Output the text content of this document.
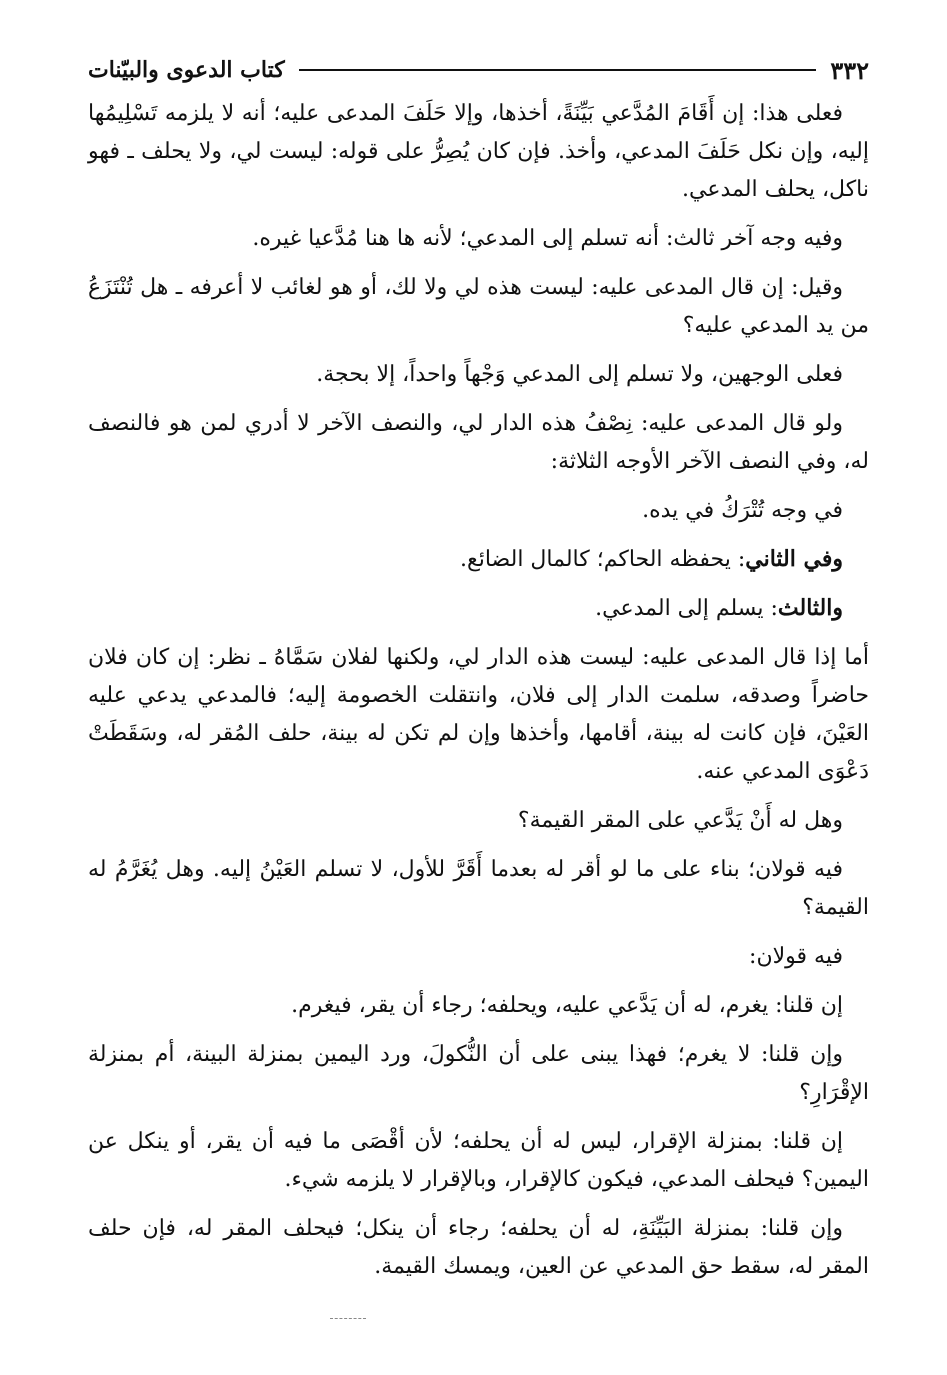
٣٣٢
كتاب الدعوى والبيّنات

فعلى هذا: إن أَقَامَ المُدَّعي بَيِّنَةً، أخذها، وإلا حَلَفَ المدعى عليه؛ أنه لا يلزمه تَسْلِيمُها إليه، وإن نكل حَلَفَ المدعي، وأخذ. فإن كان يُصِرُّ على قوله: ليست لي، ولا يحلف ـ فهو ناكل، يحلف المدعي.

وفيه وجه آخر ثالث: أنه تسلم إلى المدعي؛ لأنه ها هنا مُدَّعيا غيره.

وقيل: إن قال المدعى عليه: ليست هذه لي ولا لك، أو هو لغائب لا أعرفه ـ هل تُنْتَزَعُ من يد المدعي عليه؟

فعلى الوجهين، ولا تسلم إلى المدعي وَجْهاً واحداً، إلا بحجة.

ولو قال المدعى عليه: نِصْفُ هذه الدار لي، والنصف الآخر لا أدري لمن هو فالنصف له، وفي النصف الآخر الأوجه الثلاثة:

في وجه تُتْرَكُ في يده.

وفي الثاني: يحفظه الحاكم؛ كالمال الضائع.

والثالث: يسلم إلى المدعي.

أما إذا قال المدعى عليه: ليست هذه الدار لي، ولكنها لفلان سَمَّاهُ ـ نظر: إن كان فلان حاضراً وصدقه، سلمت الدار إلى فلان، وانتقلت الخصومة إليه؛ فالمدعي يدعي عليه العَيْنَ، فإن كانت له بينة، أقامها، وأخذها وإن لم تكن له بينة، حلف المُقر له، وسَقَطَتْ دَعْوَى المدعي عنه.

وهل له أَنْ يَدَّعي على المقر القيمة؟

فيه قولان؛ بناء على ما لو أقر له بعدما أَقَرَّ للأول، لا تسلم العَيْنُ إليه. وهل يُغَرَّمُ له القيمة؟

فيه قولان:

إن قلنا: يغرم، له أن يَدَّعي عليه، ويحلفه؛ رجاء أن يقر، فيغرم.

وإن قلنا: لا يغرم؛ فهذا يبنى على أن النُّكولَ، ورد اليمين بمنزلة البينة، أم بمنزلة الإقْرَارِ؟

إن قلنا: بمنزلة الإقرار، ليس له أن يحلفه؛ لأن أقْصَى ما فيه أن يقر، أو ينكل عن اليمين؟ فيحلف المدعي، فيكون كالإقرار، وبالإقرار لا يلزمه شيء.

وإن قلنا: بمنزلة البَيِّنَةِ، له أن يحلفه؛ رجاء أن ينكل؛ فيحلف المقر له، فإن حلف المقر له، سقط حق المدعي عن العين، ويمسك القيمة.
